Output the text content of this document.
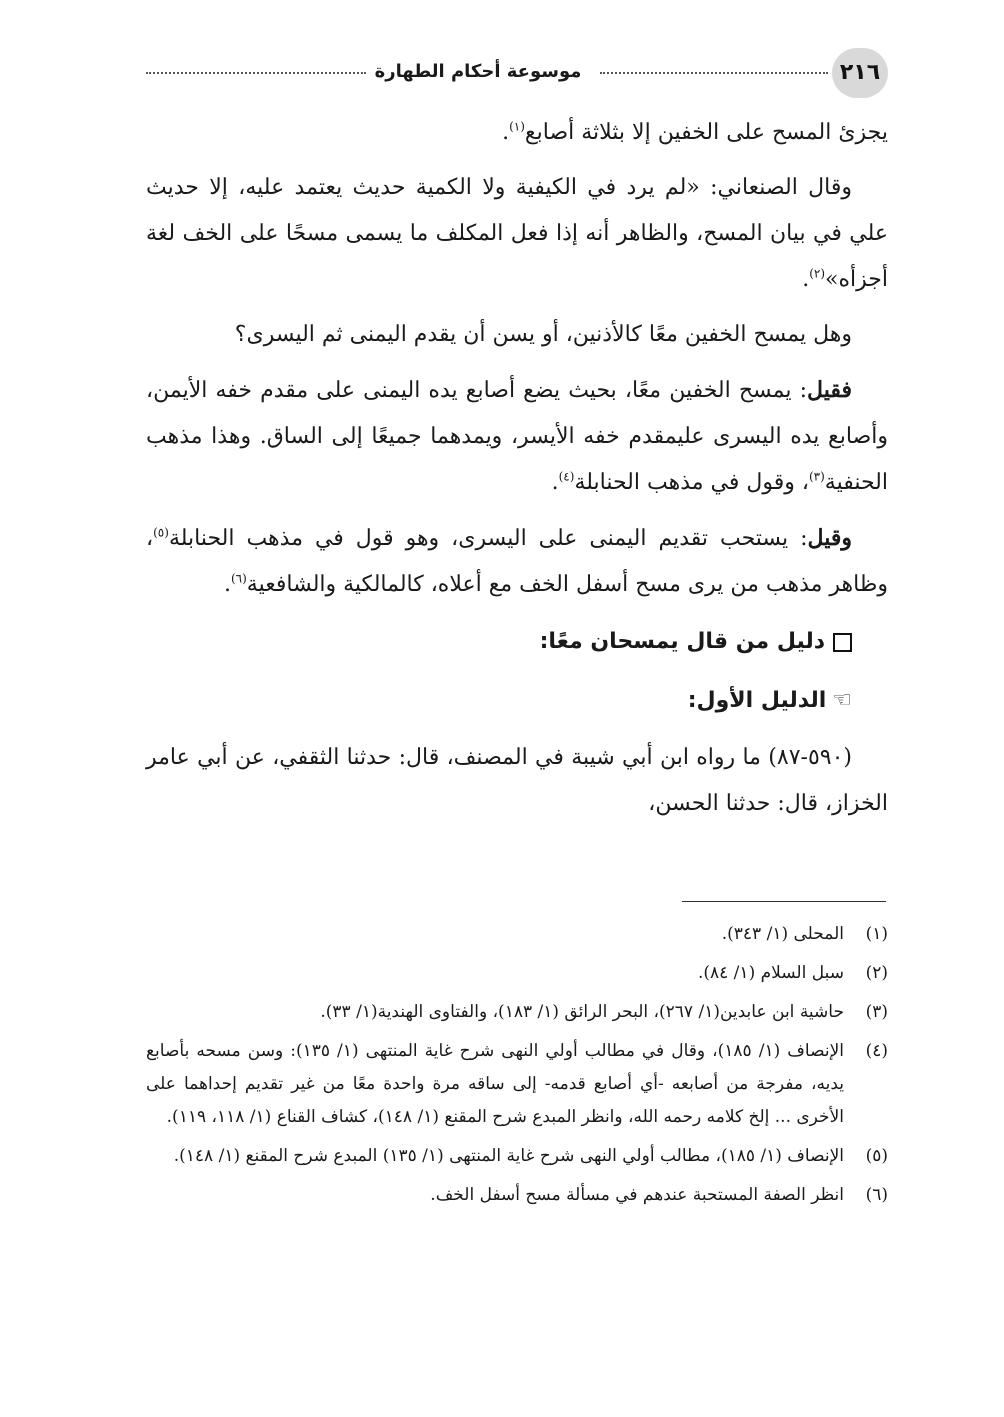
٢١٦
موسوعة أحكام الطهارة

يجزئ المسح على الخفين إلا بثلاثة أصابع$^{(١)}$.

وقال الصنعاني: «لم يرد في الكيفية ولا الكمية حديث يعتمد عليه، إلا حديث علي في بيان المسح، والظاهر أنه إذا فعل المكلف ما يسمى مسحًا على الخف لغة أجزأه»$^{(٢)}$.

وهل يمسح الخفين معًا كالأذنين، أو يسن أن يقدم اليمنى ثم اليسرى؟

فقيل: يمسح الخفين معًا، بحيث يضع أصابع يده اليمنى على مقدم خفه الأيمن، وأصابع يده اليسرى عليمقدم خفه الأيسر، ويمدهما جميعًا إلى الساق. وهذا مذهب الحنفية$^{(٣)}$، وقول في مذهب الحنابلة$^{(٤)}$.

وقيل: يستحب تقديم اليمنى على اليسرى، وهو قول في مذهب الحنابلة$^{(٥)}$، وظاهر مذهب من يرى مسح أسفل الخف مع أعلاه، كالمالكية والشافعية$^{(٦)}$.

دليل من قال يمسحان معًا:
☜الدليل الأول:

(٥٩٠-٨٧) ما رواه ابن أبي شيبة في المصنف، قال: حدثنا الثقفي، عن أبي عامر الخزاز، قال: حدثنا الحسن،

(١)
المحلى (١/ ٣٤٣).
(٢)
سبل السلام (١/ ٨٤).
(٣)
حاشية ابن عابدين(١/ ٢٦٧)، البحر الرائق (١/ ١٨٣)، والفتاوى الهندية(١/ ٣٣).
(٤)
الإنصاف (١/ ١٨٥)، وقال في مطالب أولي النهى شرح غاية المنتهى (١/ ١٣٥): وسن مسحه بأصابع يديه، مفرجة من أصابعه -أي أصابع قدمه- إلى ساقه مرة واحدة معًا من غير تقديم إحداهما على الأخرى ... إلخ كلامه رحمه الله، وانظر المبدع شرح المقنع (١/ ١٤٨)، كشاف القناع (١/ ١١٨، ١١٩).
(٥)
الإنصاف (١/ ١٨٥)، مطالب أولي النهى شرح غاية المنتهى (١/ ١٣٥) المبدع شرح المقنع (١/ ١٤٨).
(٦)
انظر الصفة المستحبة عندهم في مسألة مسح أسفل الخف.
